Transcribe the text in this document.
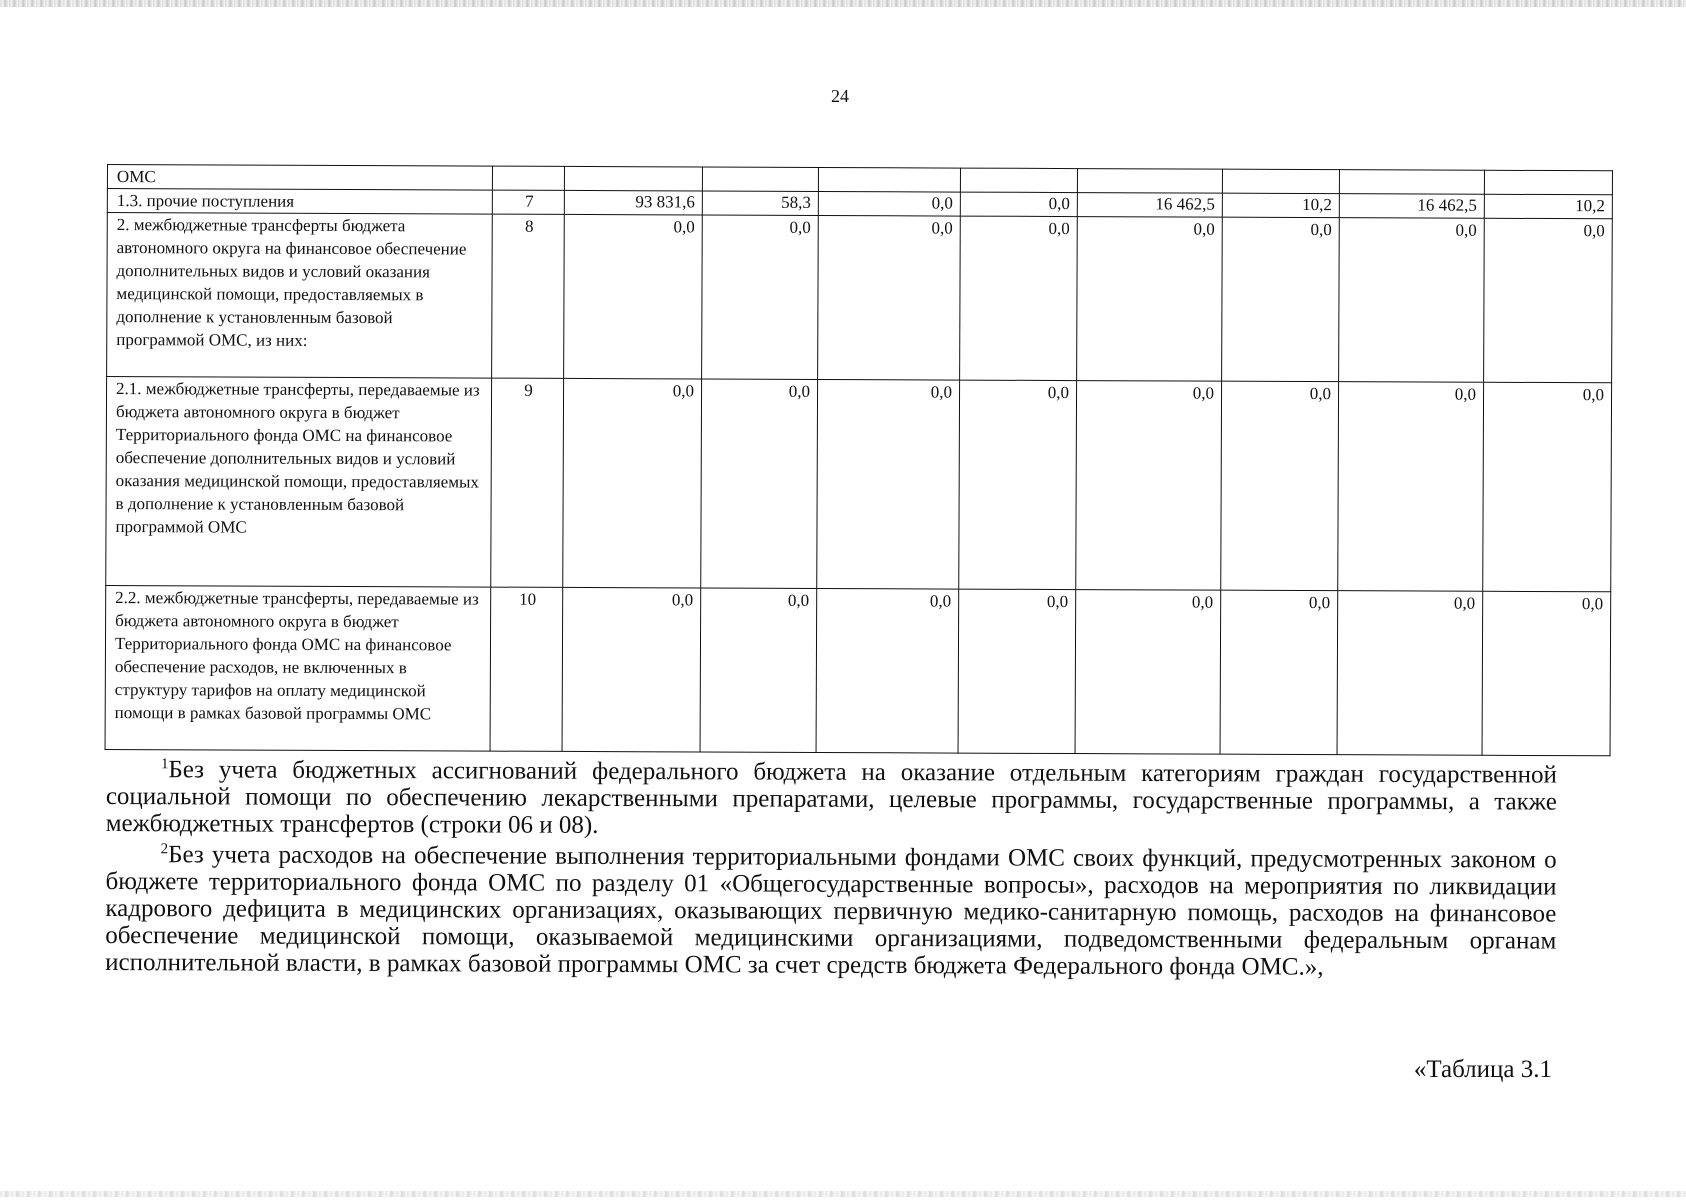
24
ОМС									
1.3. прочие поступления	7	93 831,6	58,3	0,0	0,0	16 462,5	10,2	16 462,5	10,2
2. межбюджетные трансферты бюджета автономного округа на финансовое обеспечение дополнительных видов и условий оказания медицинской помощи, предоставляемых в дополнение к установленным базовой программой ОМС, из них:	8	0,0	0,0	0,0	0,0	0,0	0,0	0,0	0,0
2.1. межбюджетные трансферты, передаваемые из бюджета автономного округа в бюджет Территориального фонда ОМС на финансовое обеспечение дополнительных видов и условий оказания медицинской помощи, предоставляемых в дополнение к установленным базовой программой ОМС	9	0,0	0,0	0,0	0,0	0,0	0,0	0,0	0,0
2.2. межбюджетные трансферты, передаваемые из бюджета автономного округа в бюджет Территориального фонда ОМС на финансовое обеспечение расходов, не включенных в структуру тарифов на оплату медицинской помощи в рамках базовой программы ОМС	10	0,0	0,0	0,0	0,0	0,0	0,0	0,0	0,0

$^1$Без учета бюджетных ассигнований федерального бюджета на оказание отдельным категориям граждан государственной социальной помощи по обеспечению лекарственными препаратами, целевые программы, государственные программы, а также межбюджетных трансфертов (строки 06 и 08).

$^2$Без учета расходов на обеспечение выполнения территориальными фондами ОМС своих функций, предусмотренных законом о бюджете территориального фонда ОМС по разделу 01 «Общегосударственные вопросы», расходов на мероприятия по ликвидации кадрового дефицита в медицинских организациях, оказывающих первичную медико-санитарную помощь, расходов на финансовое обеспечение медицинской помощи, оказываемой медицинскими организациями, подведомственными федеральным органам исполнительной власти, в рамках базовой программы ОМС за счет средств бюджета Федерального фонда ОМС.»,

«Таблица 3.1
